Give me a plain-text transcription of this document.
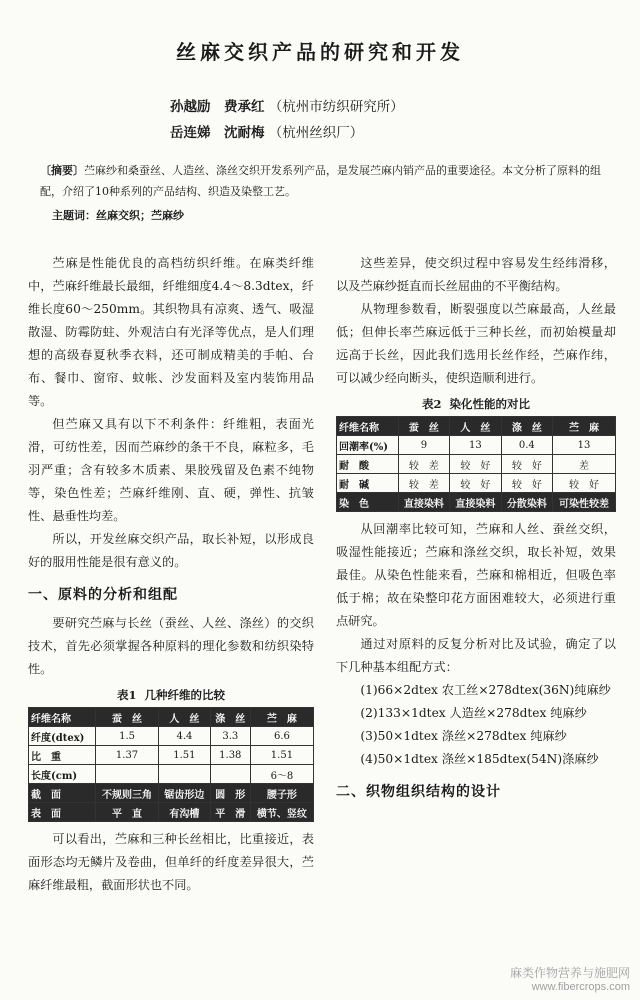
丝麻交织产品的研究和开发
孙越励　费承红 （杭州市纺织研究所）
岳连娣　沈耐梅 （杭州丝织厂）
〔摘要〕苎麻纱和桑蚕丝、人造丝、涤丝交织开发系列产品，是发展苎麻内销产品的重要途径。本文分析了原料的组配，介绍了10种系列的产品结构、织造及染整工艺。
主题词：丝麻交织；苎麻纱

苎麻是性能优良的高档纺织纤维。在麻类纤维中，苎麻纤维最长最细，纤维细度4.4～8.3dtex，纤维长度60～250mm。其织物具有凉爽、透气、吸湿散湿、防霉防蛀、外观洁白有光泽等优点，是人们理想的高级春夏秋季衣料，还可制成精美的手帕、台布、餐巾、窗帘、蚊帐、沙发面料及室内装饰用品等。

但苎麻又具有以下不利条件：纤维粗，表面光滑，可纺性差，因而苎麻纱的条干不良，麻粒多，毛羽严重；含有较多木质素、果胶残留及色素不纯物等，染色性差；苎麻纤维刚、直、硬，弹性、抗皱性、悬垂性均差。

所以，开发丝麻交织产品，取长补短，以形成良好的服用性能是很有意义的。

一、原料的分析和组配

要研究苎麻与长丝（蚕丝、人丝、涤丝）的交织技术，首先必须掌握各种原料的理化参数和纺织染特性。

表1 几种纤维的比较
纤维名称	蚕　丝	人　丝	涤　丝	苎　麻
纤度(dtex)	1.5	4.4	3.3	6.6
比　重	1.37	1.51	1.38	1.51
长度(cm)				6～8
截　面	不规则三角	锯齿形边	圆　形	腰子形
表　面	平　直	有沟槽	平　滑	横节、竖纹

可以看出，苎麻和三种长丝相比，比重接近，表面形态均无鳞片及卷曲，但单纤的纤度差异很大，苎麻纤维最粗，截面形状也不同。

这些差异，使交织过程中容易发生经纬滑移，以及苎麻纱挺直而长丝屈曲的不平衡结构。

从物理参数看，断裂强度以苎麻最高，人丝最低；但伸长率苎麻远低于三种长丝，而初始模量却远高于长丝，因此我们选用长丝作经，苎麻作纬，可以减少经向断头，使织造顺利进行。

表2 染化性能的对比
纤维名称	蚕　丝	人　丝	涤　丝	苎　麻
回潮率(%)	9	13	0.4	13
耐　酸	较　差	较　好	较　好	差
耐　碱	较　差	较　好	较　好	较　好
染　色	直接染料	直接染料	分散染料	可染性较差

从回潮率比较可知，苎麻和人丝、蚕丝交织，吸湿性能接近；苎麻和涤丝交织，取长补短，效果最佳。从染色性能来看，苎麻和棉相近，但吸色率低于棉；故在染整印花方面困难较大，必须进行重点研究。

通过对原料的反复分析对比及试验，确定了以下几种基本组配方式：

(1)66×2dtex 农工丝×278dtex(36N)纯麻纱

(2)133×1dtex 人造丝×278dtex 纯麻纱

(3)50×1dtex 涤丝×278dtex 纯麻纱

(4)50×1dtex 涤丝×185dtex(54N)涤麻纱

二、织物组织结构的设计
麻类作物营养与施肥网
www.fibercrops.com
